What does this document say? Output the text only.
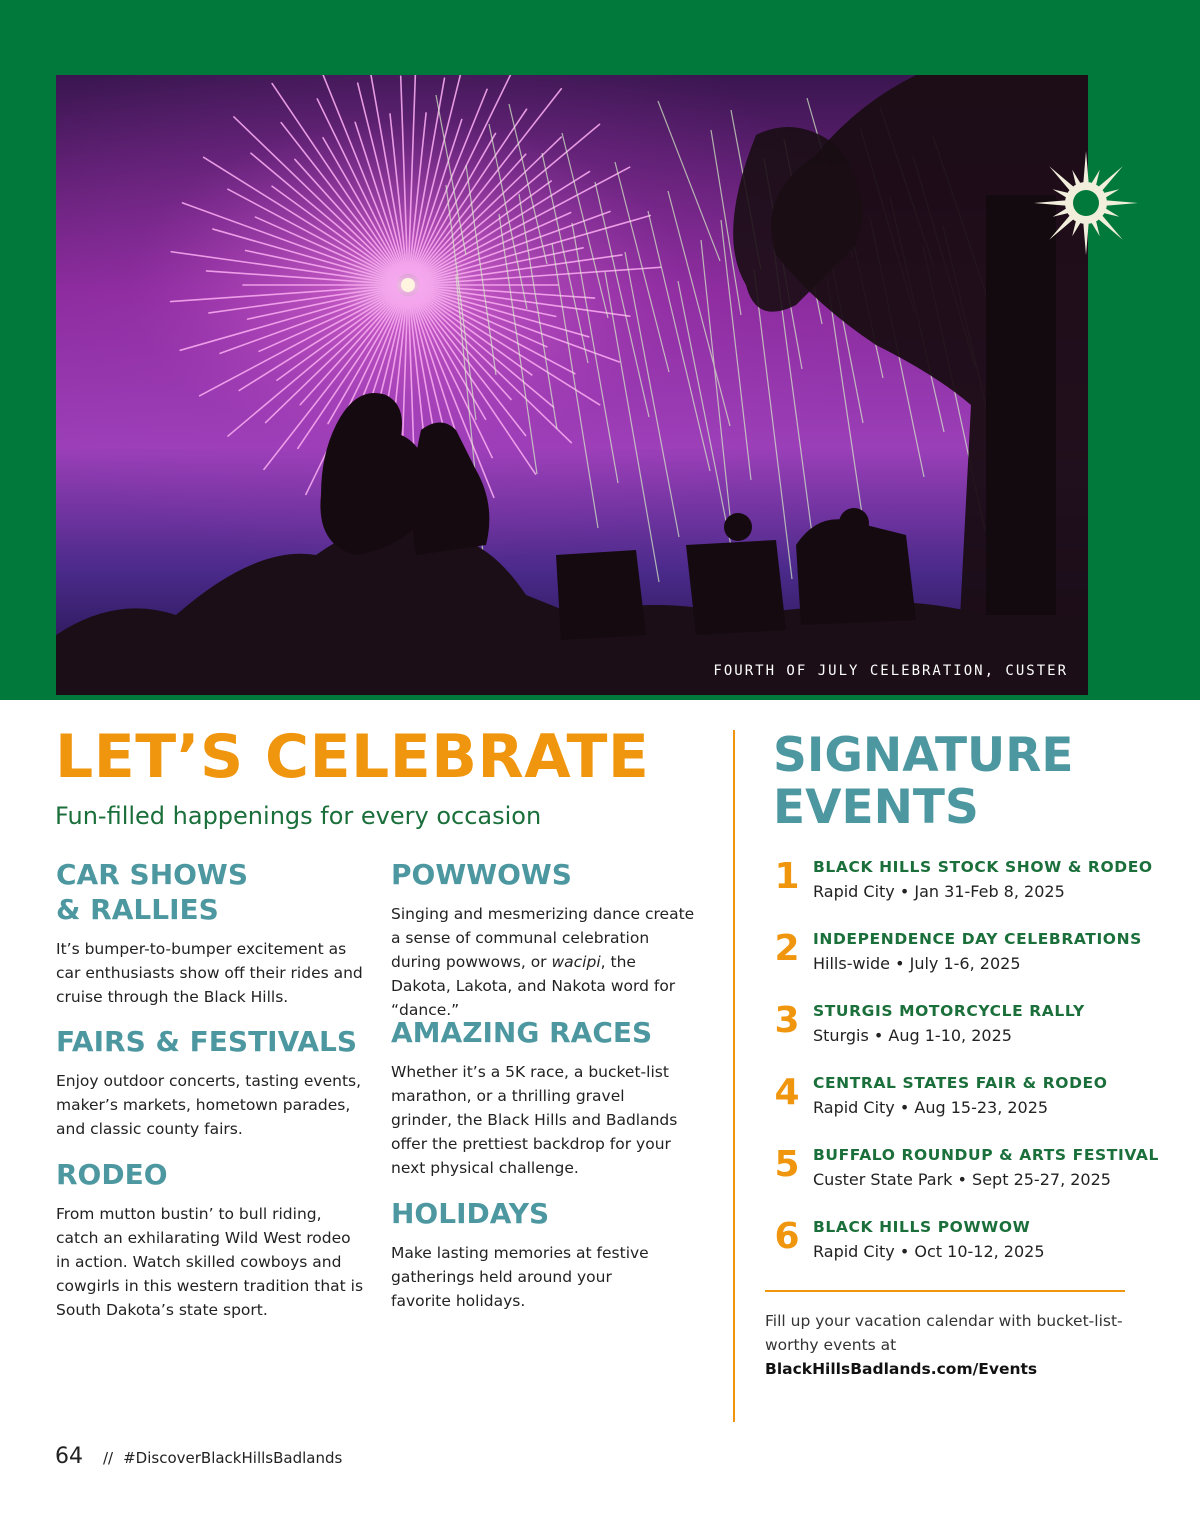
FOURTH OF JULY CELEBRATION, CUSTER
LET’S CELEBRATE
Fun-filled happenings for every occasion
CAR SHOWS
& RALLIES

It’s bumper-to-bumper excitement as car enthusiasts show off their rides and cruise through the Black Hills.

FAIRS & FESTIVALS

Enjoy outdoor concerts, tasting events, maker’s markets, hometown parades, and classic county fairs.

RODEO

From mutton bustin’ to bull riding, catch an exhilarating Wild West rodeo in action. Watch skilled cowboys and cowgirls in this western tradition that is South Dakota’s state sport.

POWWOWS

Singing and mesmerizing dance create a sense of communal celebration during powwows, or wacipi, the Dakota, Lakota, and Nakota word for “dance.”

AMAZING RACES

Whether it’s a 5K race, a bucket-list marathon, or a thrilling gravel grinder, the Black Hills and Badlands offer the prettiest backdrop for your next physical challenge.

HOLIDAYS

Make lasting memories at festive gatherings held around your favorite holidays.

SIGNATURE
EVENTS
1 BLACK HILLS STOCK SHOW & RODEO
Rapid City • Jan 31-Feb 8, 2025
2 INDEPENDENCE DAY CELEBRATIONS
Hills-wide • July 1-6, 2025
3 STURGIS MOTORCYCLE RALLY
Sturgis • Aug 1-10, 2025
4 CENTRAL STATES FAIR & RODEO
Rapid City • Aug 15-23, 2025
5 BUFFALO ROUNDUP & ARTS FESTIVAL
Custer State Park • Sept 25-27, 2025
6 BLACK HILLS POWWOW
Rapid City • Oct 10-12, 2025
Fill up your vacation calendar with bucket-list-worthy events at BlackHillsBadlands.com/Events
64 // #DiscoverBlackHillsBadlands
